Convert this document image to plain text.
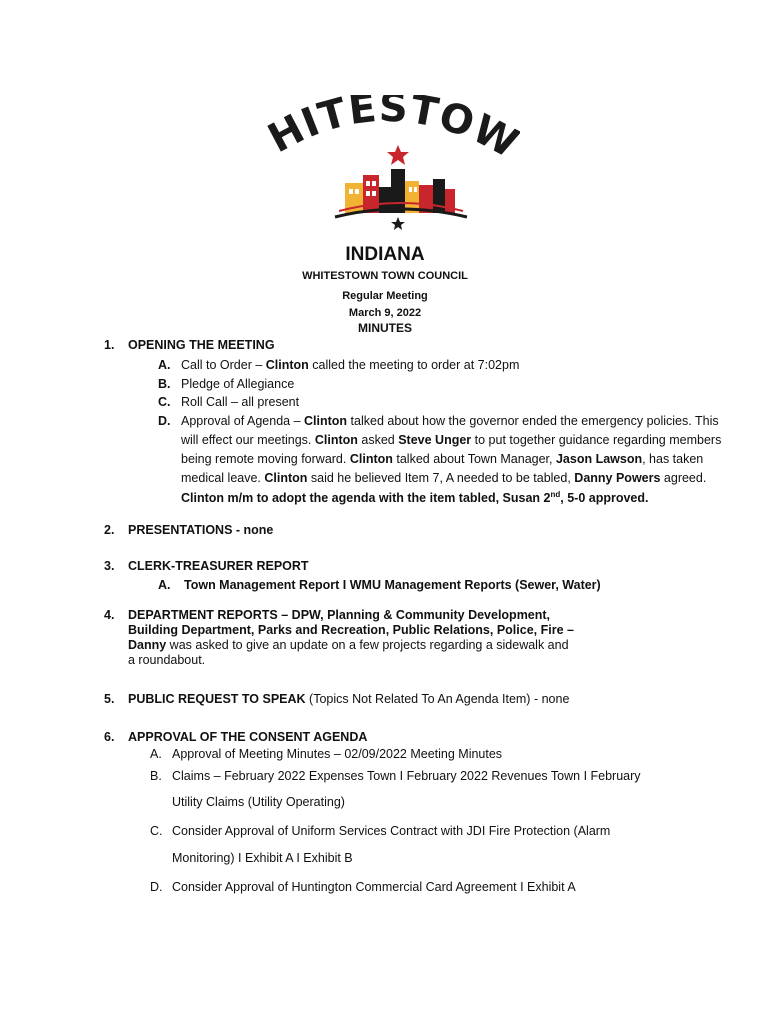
HITESTO
INDIANA
WHITESTOWN TOWN COUNCIL
Regular Meeting
March 9, 2022
MINUTES
1. OPENING THE MEETING
A. Call to Order – Clinton called the meeting to order at 7:02pm
B. Pledge of Allegiance
C. Roll Call – all present
D. Approval of Agenda – Clinton talked about how the governor ended the emergency policies. This
will effect our meetings. Clinton asked Steve Unger to put together guidance regarding members
being remote moving forward. Clinton talked about Town Manager, Jason Lawson, has taken
medical leave. Clinton said he believed Item 7, A needed to be tabled, Danny Powers agreed.
Clinton m/m to adopt the agenda with the item tabled, Susan 2nd, 5-0 approved.
2. PRESENTATIONS - none
3. CLERK-TREASURER REPORT
A. Town Management Report I WMU Management Reports (Sewer, Water)
4. DEPARTMENT REPORTS – DPW, Planning & Community Development,
Building Department, Parks and Recreation, Public Relations, Police, Fire –
Danny was asked to give an update on a few projects regarding a sidewalk and
a roundabout.
5. PUBLIC REQUEST TO SPEAK (Topics Not Related To An Agenda Item) - none
6. APPROVAL OF THE CONSENT AGENDA
A. Approval of Meeting Minutes – 02/09/2022 Meeting Minutes
B. Claims – February 2022 Expenses Town I February 2022 Revenues Town I February
Utility Claims (Utility Operating)
C. Consider Approval of Uniform Services Contract with JDI Fire Protection (Alarm
Monitoring) I Exhibit A I Exhibit B
D. Consider Approval of Huntington Commercial Card Agreement I Exhibit A
